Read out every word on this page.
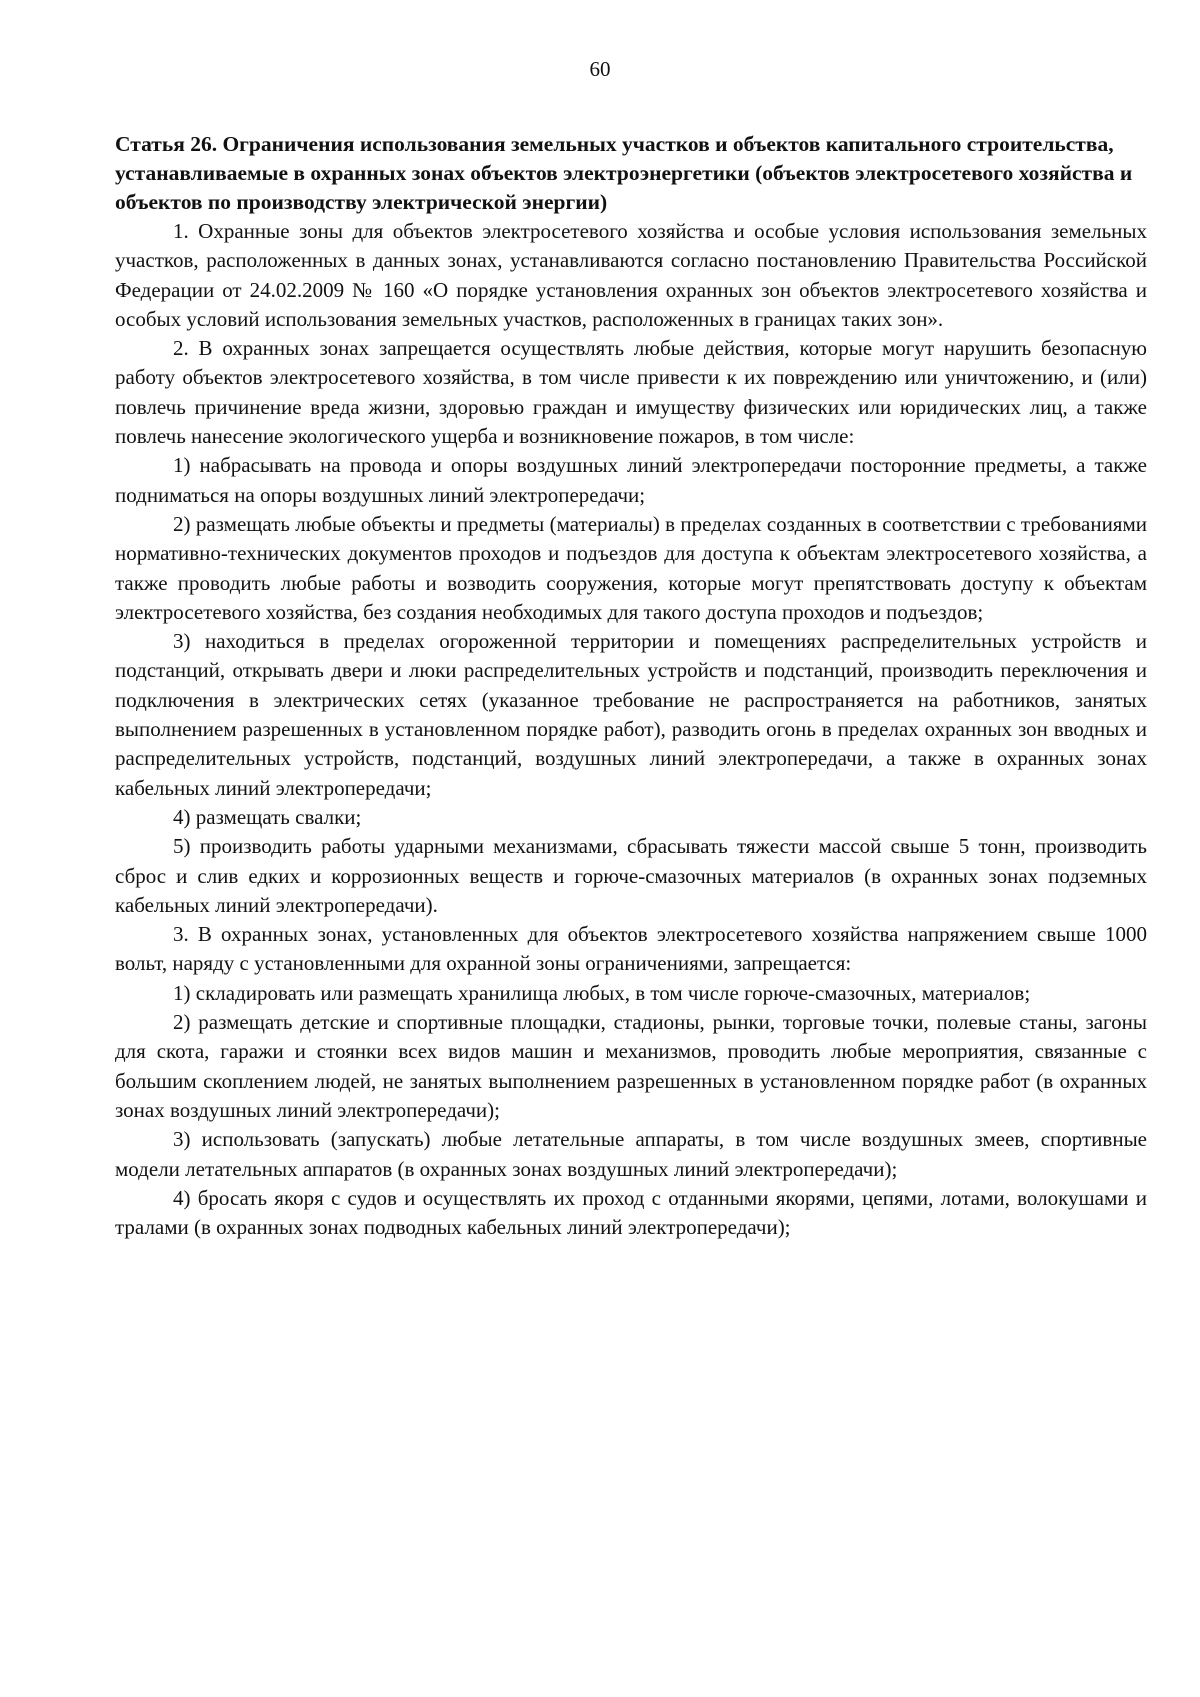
60
Статья 26. Ограничения использования земельных участков и объектов капитального строительства, устанавливаемые в охранных зонах объектов электроэнергетики (объектов электросетевого хозяйства и объектов по производству электрической энергии)

1. Охранные зоны для объектов электросетевого хозяйства и особые условия использования земельных участков, расположенных в данных зонах, устанавливаются согласно постановлению Правительства Российской Федерации от 24.02.2009 № 160 «О порядке установления охранных зон объектов электросетевого хозяйства и особых условий использования земельных участков, расположенных в границах таких зон».

2. В охранных зонах запрещается осуществлять любые действия, которые могут нарушить безопасную работу объектов электросетевого хозяйства, в том числе привести к их повреждению или уничтожению, и (или) повлечь причинение вреда жизни, здоровью граждан и имуществу физических или юридических лиц, а также повлечь нанесение экологического ущерба и возникновение пожаров, в том числе:

1) набрасывать на провода и опоры воздушных линий электропередачи посторонние предметы, а также подниматься на опоры воздушных линий электропередачи;

2) размещать любые объекты и предметы (материалы) в пределах созданных в соответствии с требованиями нормативно-технических документов проходов и подъездов для доступа к объектам электросетевого хозяйства, а также проводить любые работы и возводить сооружения, которые могут препятствовать доступу к объектам электросетевого хозяйства, без создания необходимых для такого доступа проходов и подъездов;

3) находиться в пределах огороженной территории и помещениях распределительных устройств и подстанций, открывать двери и люки распределительных устройств и подстанций, производить переключения и подключения в электрических сетях (указанное требование не распространяется на работников, занятых выполнением разрешенных в установленном порядке работ), разводить огонь в пределах охранных зон вводных и распределительных устройств, подстанций, воздушных линий электропередачи, а также в охранных зонах кабельных линий электропередачи;

4) размещать свалки;

5) производить работы ударными механизмами, сбрасывать тяжести массой свыше 5 тонн, производить сброс и слив едких и коррозионных веществ и горюче-смазочных материалов (в охранных зонах подземных кабельных линий электропередачи).

3. В охранных зонах, установленных для объектов электросетевого хозяйства напряжением свыше 1000 вольт, наряду с установленными для охранной зоны ограничениями, запрещается:

1) складировать или размещать хранилища любых, в том числе горюче-смазочных, материалов;

2) размещать детские и спортивные площадки, стадионы, рынки, торговые точки, полевые станы, загоны для скота, гаражи и стоянки всех видов машин и механизмов, проводить любые мероприятия, связанные с большим скоплением людей, не занятых выполнением разрешенных в установленном порядке работ (в охранных зонах воздушных линий электропередачи);

3) использовать (запускать) любые летательные аппараты, в том числе воздушных змеев, спортивные модели летательных аппаратов (в охранных зонах воздушных линий электропередачи);

4) бросать якоря с судов и осуществлять их проход с отданными якорями, цепями, лотами, волокушами и тралами (в охранных зонах подводных кабельных линий электропередачи);
